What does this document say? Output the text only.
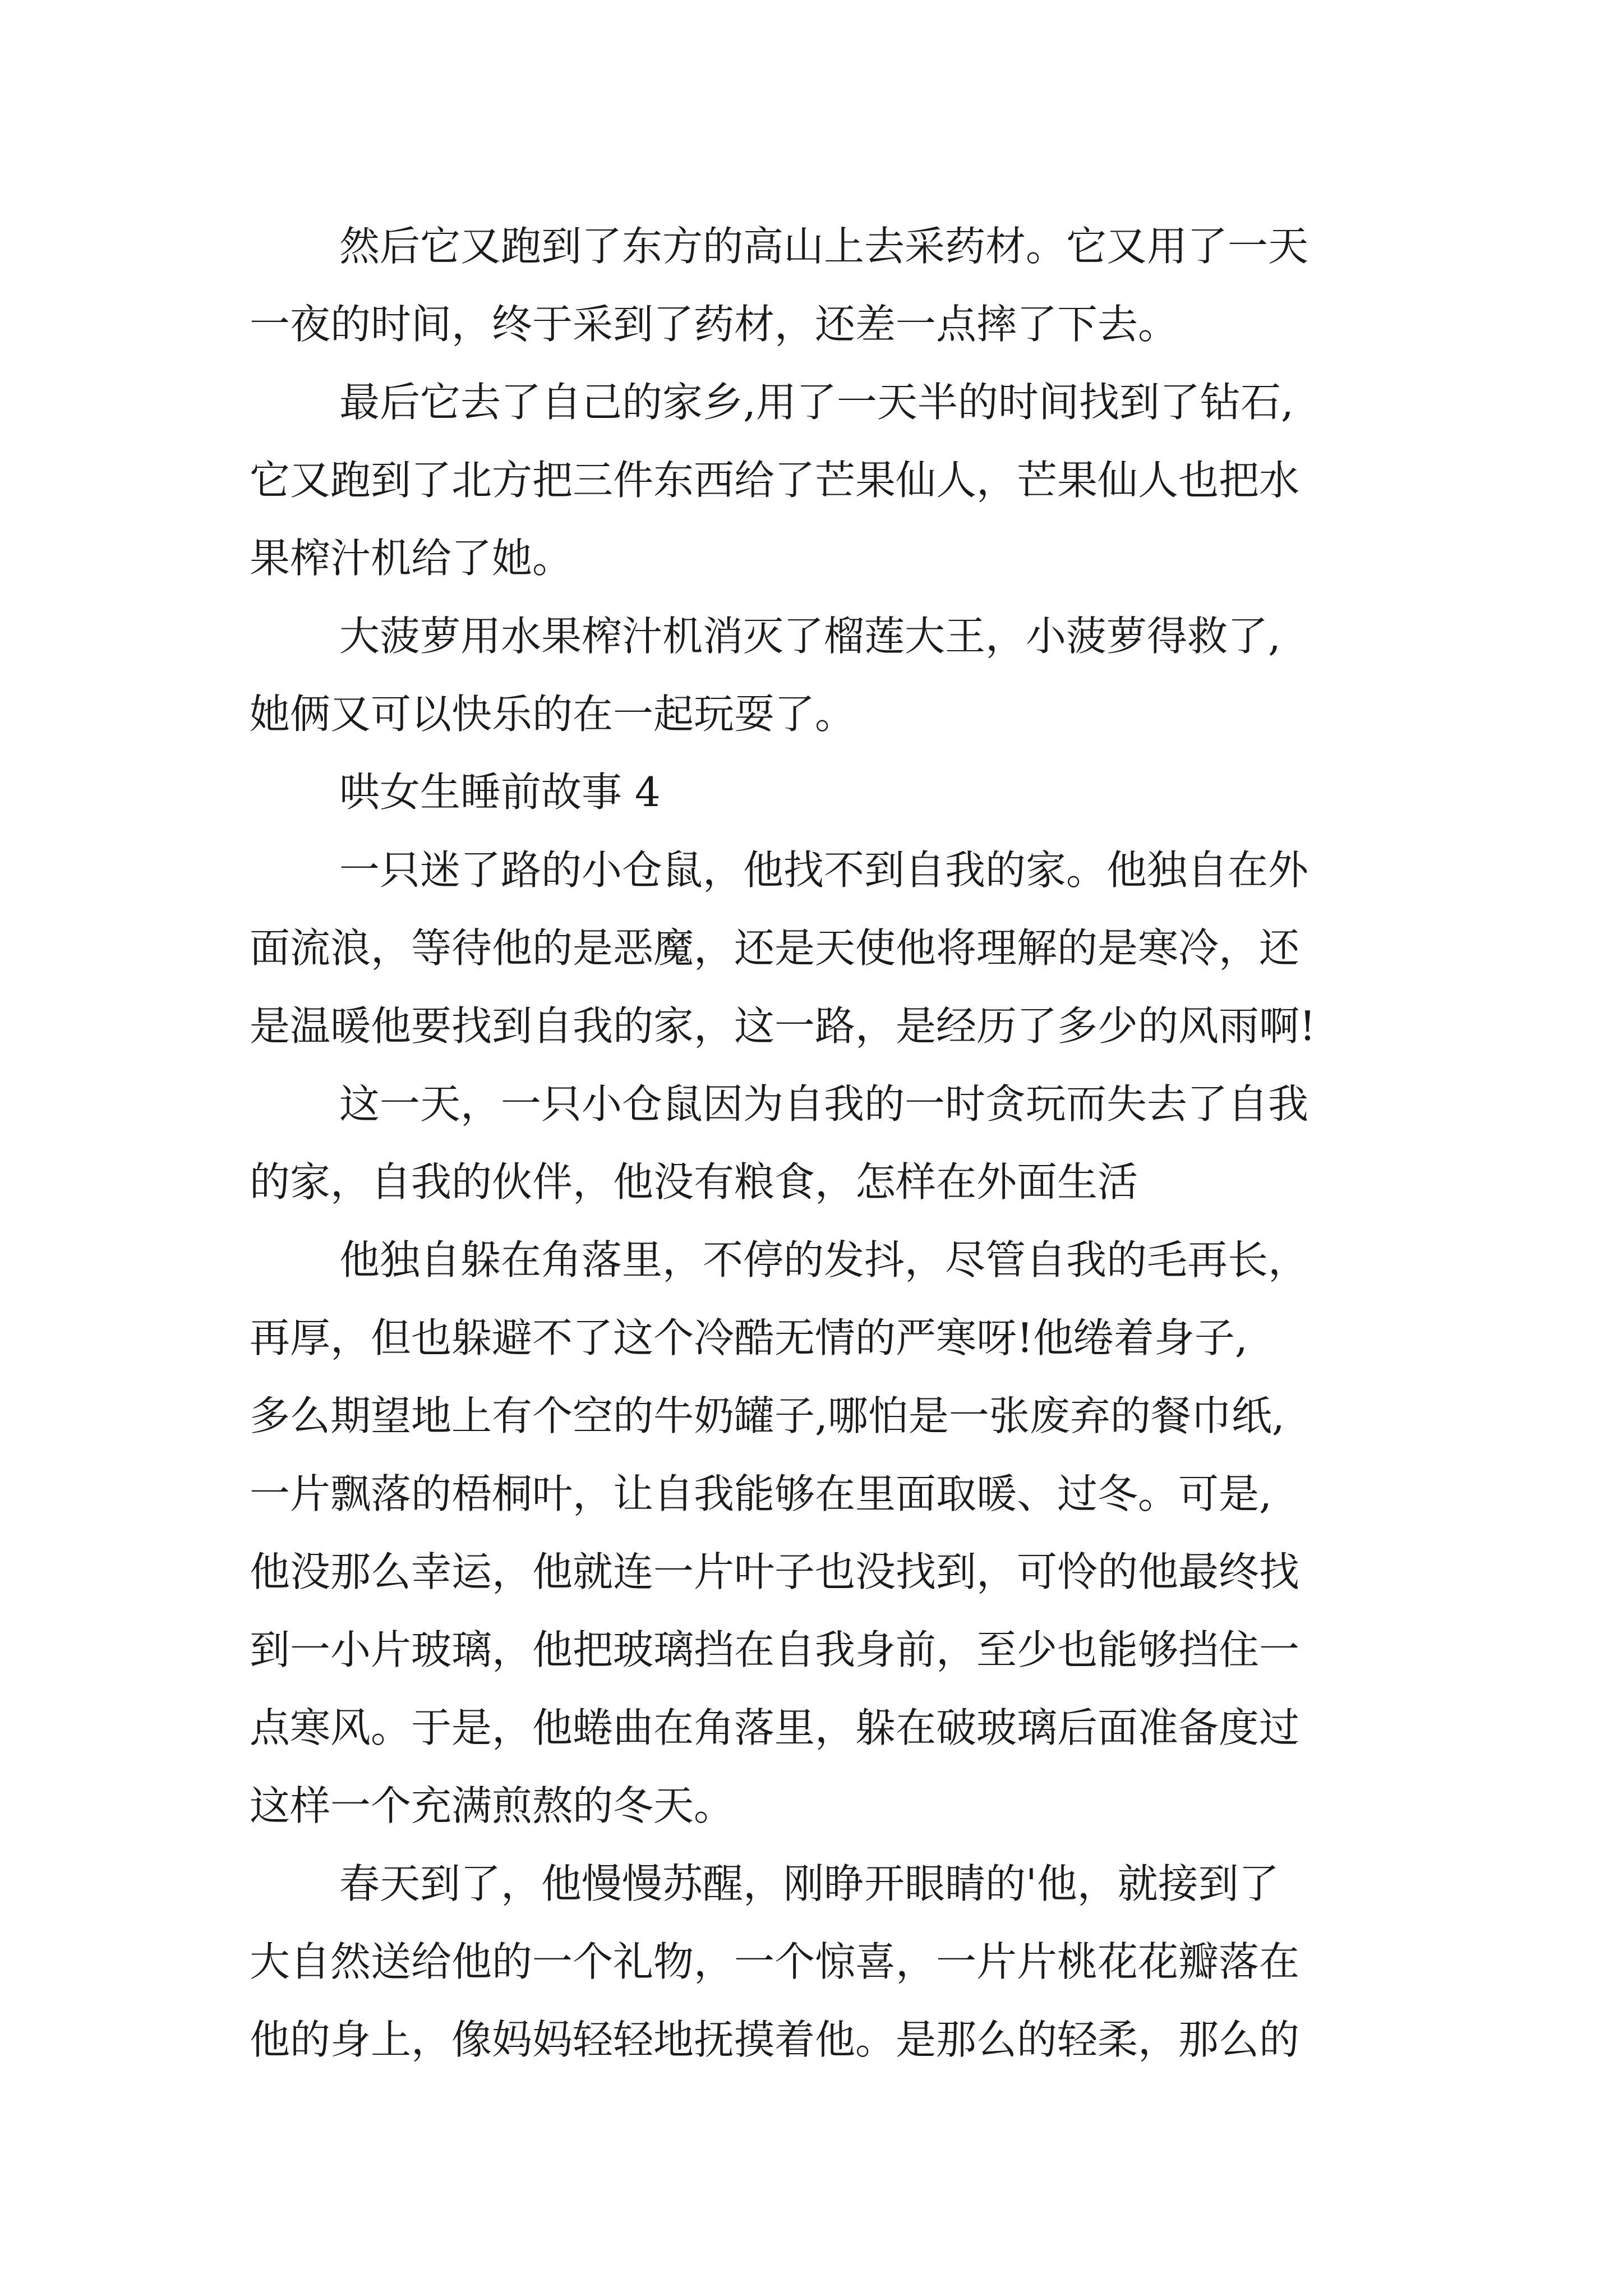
然后它又跑到了东方的高山上去采药材。它又用了一天
一夜的时间，终于采到了药材，还差一点摔了下去。

最后它去了自己的家乡,用了一天半的时间找到了钻石,
它又跑到了北方把三件东西给了芒果仙人，芒果仙人也把水
果榨汁机给了她。

大菠萝用水果榨汁机消灭了榴莲大王，小菠萝得救了,
她俩又可以快乐的在一起玩耍了。

哄女生睡前故事 4

一只迷了路的小仓鼠，他找不到自我的家。他独自在外
面流浪，等待他的是恶魔，还是天使他将理解的是寒冷，还
是温暖他要找到自我的家，这一路，是经历了多少的风雨啊!

这一天，一只小仓鼠因为自我的一时贪玩而失去了自我
的家，自我的伙伴，他没有粮食，怎样在外面生活

他独自躲在角落里，不停的发抖，尽管自我的毛再长，
再厚，但也躲避不了这个冷酷无情的严寒呀!他绻着身子,
多么期望地上有个空的牛奶罐子,哪怕是一张废弃的餐巾纸,
一片飘落的梧桐叶，让自我能够在里面取暖、过冬。可是,
他没那么幸运，他就连一片叶子也没找到，可怜的他最终找
到一小片玻璃，他把玻璃挡在自我身前，至少也能够挡住一
点寒风。于是，他蜷曲在角落里，躲在破玻璃后面准备度过
这样一个充满煎熬的冬天。

春天到了，他慢慢苏醒，刚睁开眼睛的'他，就接到了
大自然送给他的一个礼物，一个惊喜，一片片桃花花瓣落在
他的身上，像妈妈轻轻地抚摸着他。是那么的轻柔，那么的
